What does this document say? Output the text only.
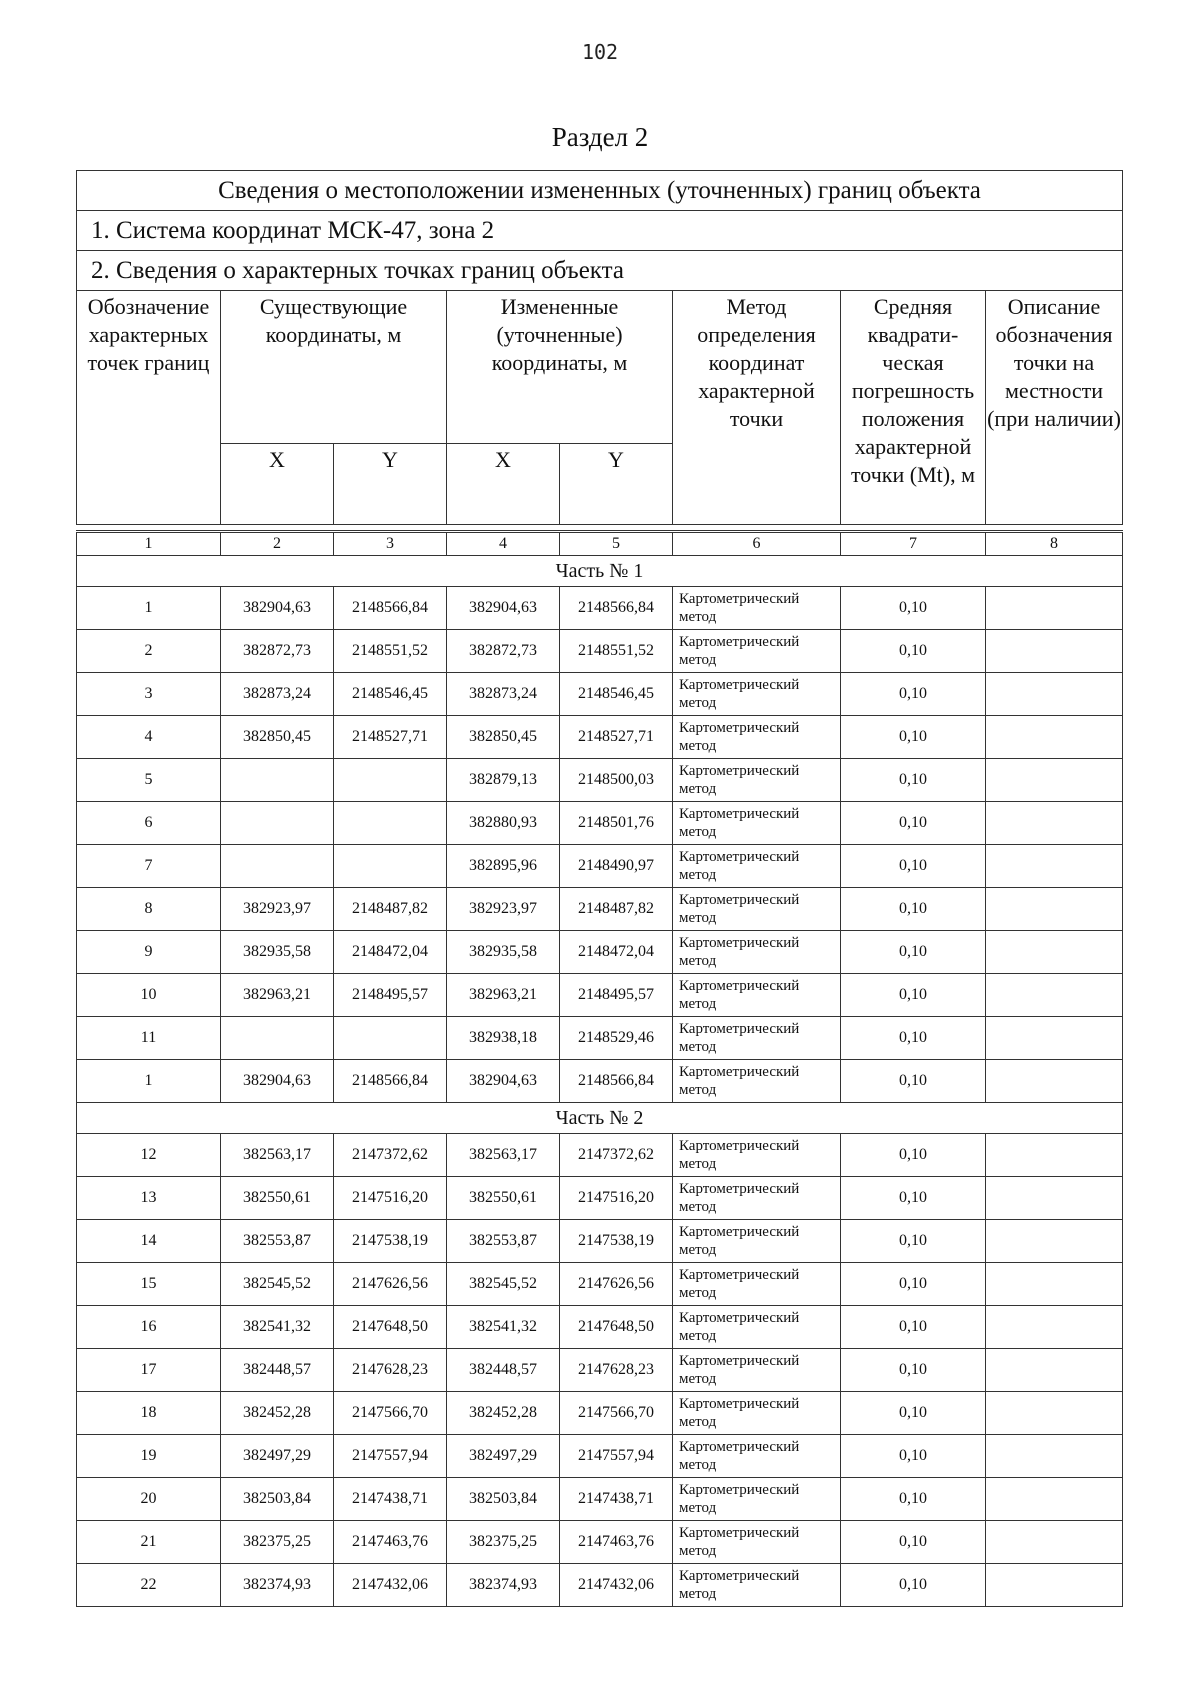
102
Раздел 2
Сведения о местоположении измененных (уточненных) границ объекта							
1. Система координат МСК-47, зона 2							
2. Сведения о характерных точках границ объекта							
Обозначение характерных точек границ	Существующие координаты, м		Измененные (уточненные) координаты, м		Метод определения координат характерной точки	Средняя квадрати-ческая погрешность положения характерной точки (Mt), м	Описание обозначения точки на местности (при наличии)
	X	Y	X	Y			
1	2	3	4	5	6	7	8
Часть № 1							
1	382904,63	2148566,84	382904,63	2148566,84	Картометрический
метод	0,10	
2	382872,73	2148551,52	382872,73	2148551,52	Картометрический
метод	0,10	
3	382873,24	2148546,45	382873,24	2148546,45	Картометрический
метод	0,10	
4	382850,45	2148527,71	382850,45	2148527,71	Картометрический
метод	0,10	
5			382879,13	2148500,03	Картометрический
метод	0,10	
6			382880,93	2148501,76	Картометрический
метод	0,10	
7			382895,96	2148490,97	Картометрический
метод	0,10	
8	382923,97	2148487,82	382923,97	2148487,82	Картометрический
метод	0,10	
9	382935,58	2148472,04	382935,58	2148472,04	Картометрический
метод	0,10	
10	382963,21	2148495,57	382963,21	2148495,57	Картометрический
метод	0,10	
11			382938,18	2148529,46	Картометрический
метод	0,10	
1	382904,63	2148566,84	382904,63	2148566,84	Картометрический
метод	0,10	
Часть № 2							
12	382563,17	2147372,62	382563,17	2147372,62	Картометрический
метод	0,10	
13	382550,61	2147516,20	382550,61	2147516,20	Картометрический
метод	0,10	
14	382553,87	2147538,19	382553,87	2147538,19	Картометрический
метод	0,10	
15	382545,52	2147626,56	382545,52	2147626,56	Картометрический
метод	0,10	
16	382541,32	2147648,50	382541,32	2147648,50	Картометрический
метод	0,10	
17	382448,57	2147628,23	382448,57	2147628,23	Картометрический
метод	0,10	
18	382452,28	2147566,70	382452,28	2147566,70	Картометрический
метод	0,10	
19	382497,29	2147557,94	382497,29	2147557,94	Картометрический
метод	0,10	
20	382503,84	2147438,71	382503,84	2147438,71	Картометрический
метод	0,10	
21	382375,25	2147463,76	382375,25	2147463,76	Картометрический
метод	0,10	
22	382374,93	2147432,06	382374,93	2147432,06	Картометрический
метод	0,10	
